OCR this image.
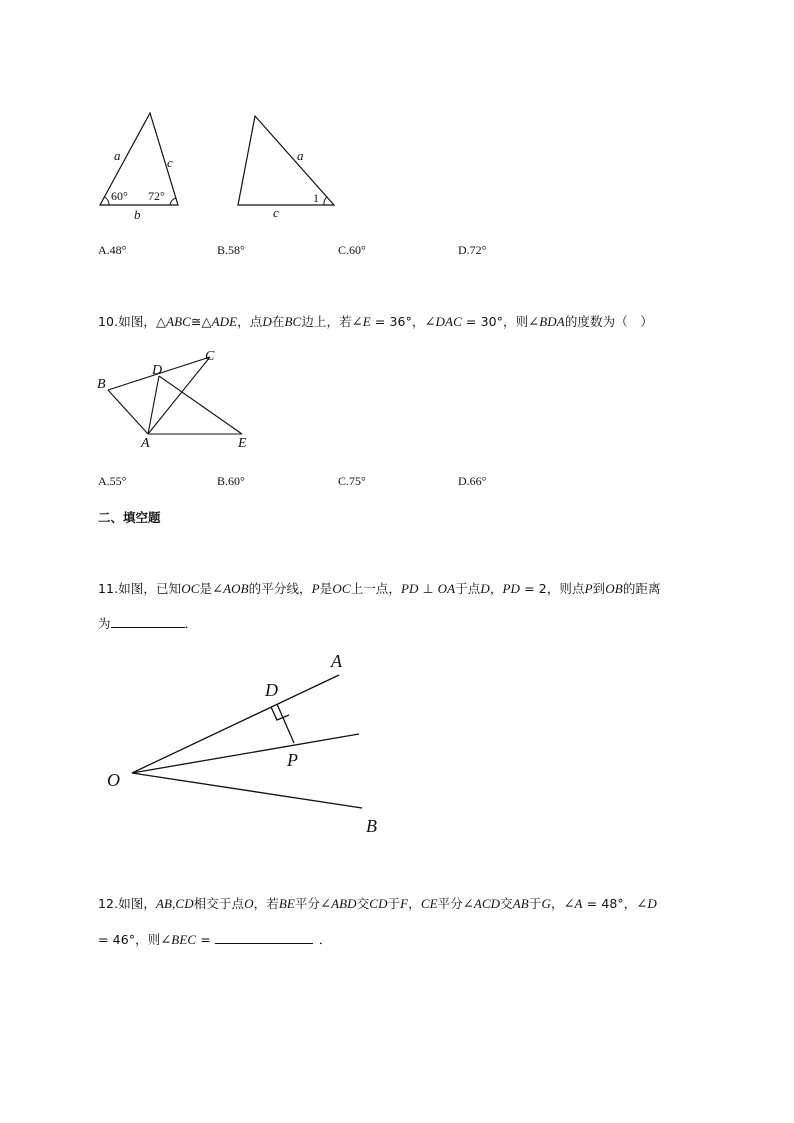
a	c
60° 72°
b
a
1
c
A.48°	B.58°	C.60°	D.72°
10.如图，△ABC≅△ADE，点D在BC边上，若∠E = 36°，∠DAC = 30°，则∠BDA的度数为（　）
B
D
C
A	E
A.55°	B.60°	C.75°	D.66°
二、填空题
11.如图，已知OC是∠AOB的平分线，P是OC上一点，PD ⊥ OA于点D，PD = 2，则点P到OB的距离
为	．
A
D
P
O
B
12.如图，AB,CD相交于点O，若BE平分∠ABD交CD于F，CE平分∠ACD交AB于G，∠A = 48°，∠D
= 46°，则∠BEC =	．
